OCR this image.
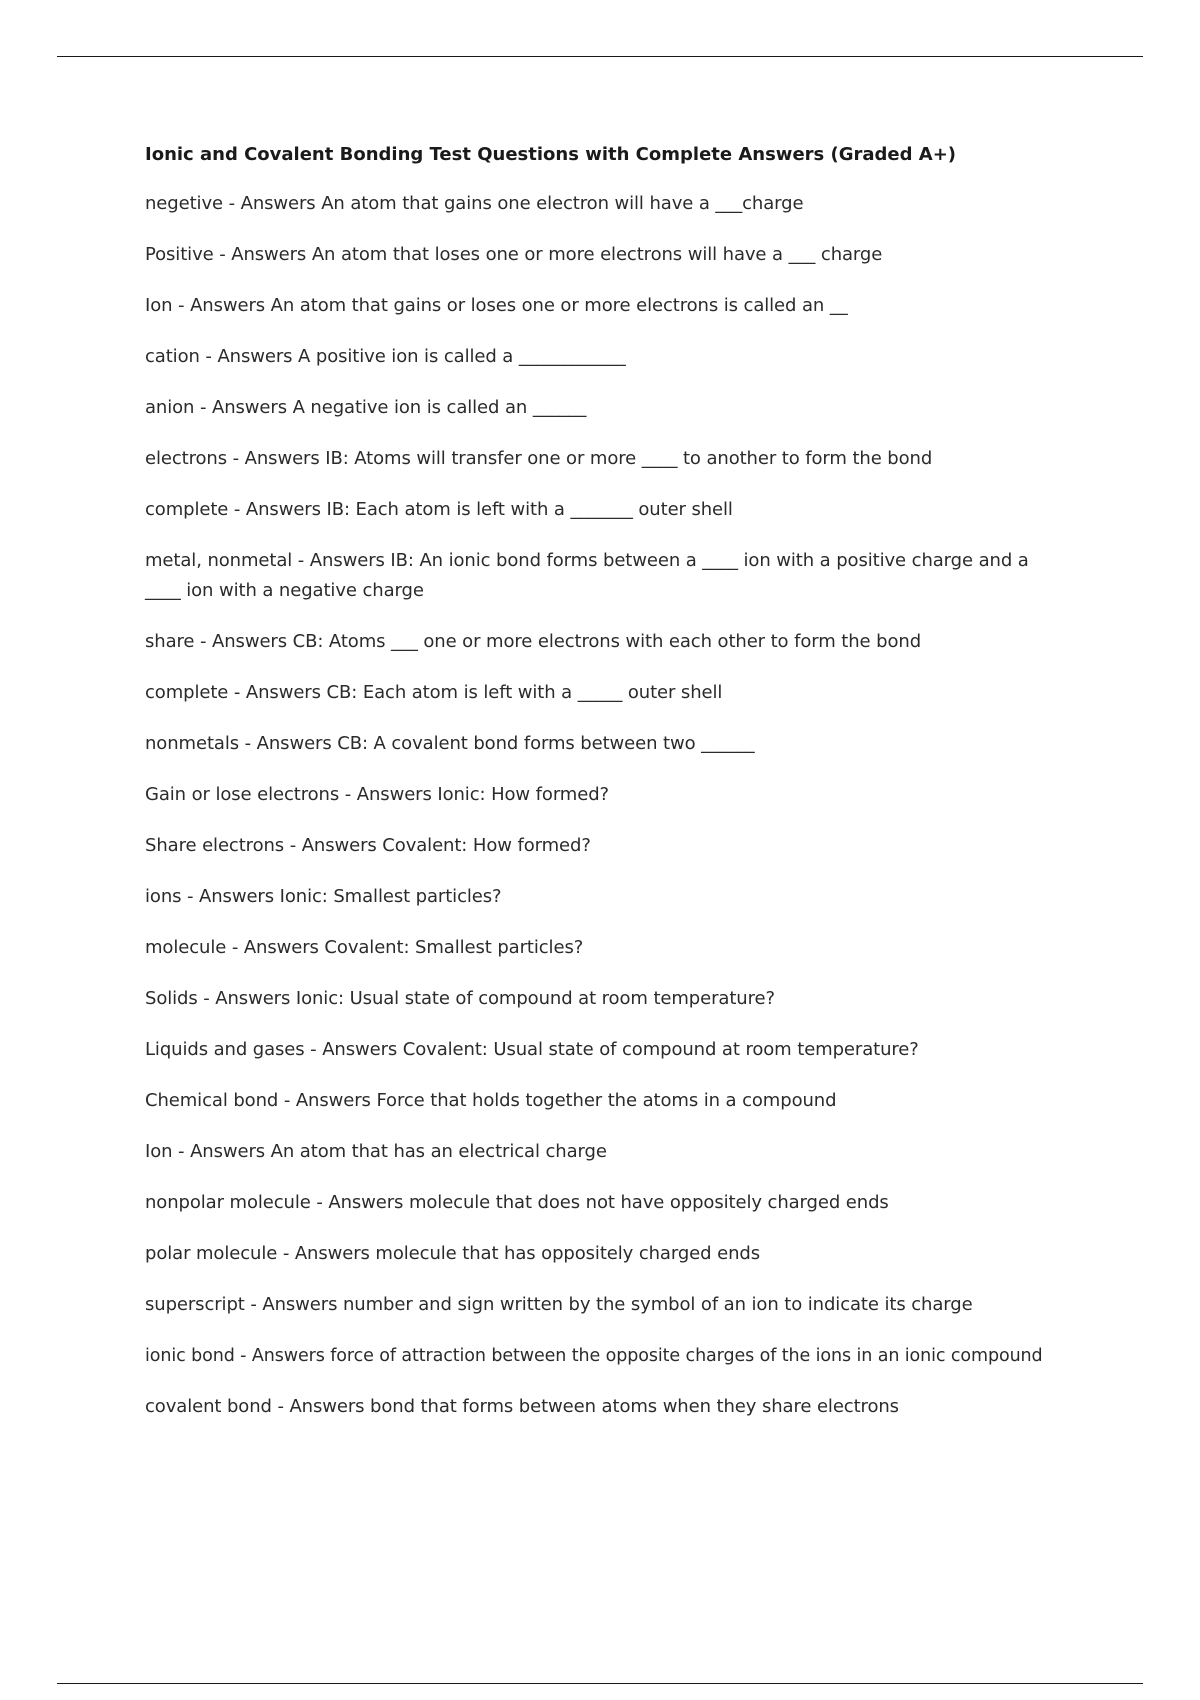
Ionic and Covalent Bonding Test Questions with Complete Answers (Graded A+)
negetive - Answers An atom that gains one electron will have a ___charge
Positive - Answers An atom that loses one or more electrons will have a ___ charge
Ion - Answers An atom that gains or loses one or more electrons is called an __
cation - Answers A positive ion is called a ____________
anion - Answers A negative ion is called an ______
electrons - Answers IB: Atoms will transfer one or more ____ to another to form the bond
complete - Answers IB: Each atom is left with a _______ outer shell
metal, nonmetal - Answers IB: An ionic bond forms between a ____ ion with a positive charge and a ____ ion with a negative charge
share - Answers CB: Atoms ___ one or more electrons with each other to form the bond
complete - Answers CB: Each atom is left with a _____ outer shell
nonmetals - Answers CB: A covalent bond forms between two ______
Gain or lose electrons - Answers Ionic: How formed?
Share electrons - Answers Covalent: How formed?
ions - Answers Ionic: Smallest particles?
molecule - Answers Covalent: Smallest particles?
Solids - Answers Ionic: Usual state of compound at room temperature?
Liquids and gases - Answers Covalent: Usual state of compound at room temperature?
Chemical bond - Answers Force that holds together the atoms in a compound
Ion - Answers An atom that has an electrical charge
nonpolar molecule - Answers molecule that does not have oppositely charged ends
polar molecule - Answers molecule that has oppositely charged ends
superscript - Answers number and sign written by the symbol of an ion to indicate its charge
ionic bond - Answers force of attraction between the opposite charges of the ions in an ionic compound
covalent bond - Answers bond that forms between atoms when they share electrons
